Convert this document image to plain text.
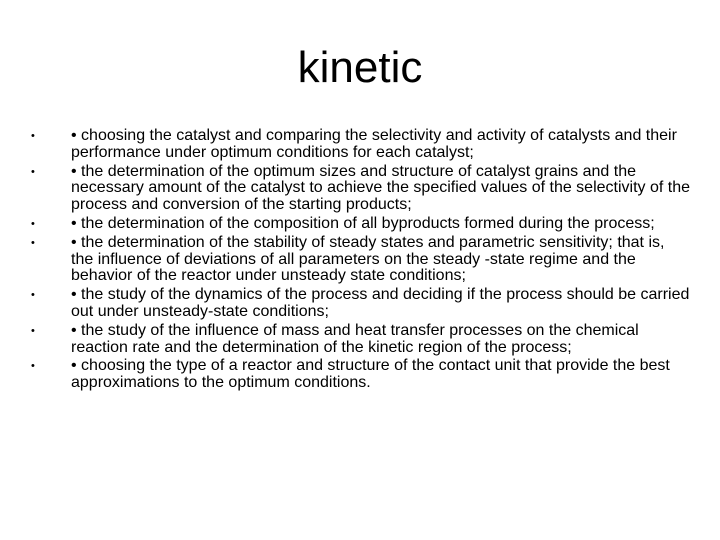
kinetic
•	• choosing the catalyst and comparing the selectivity and activity of catalysts and their performance under optimum conditions for each catalyst;
•	• the determination of the optimum sizes and structure of catalyst grains and the necessary amount of the catalyst to achieve the specified values of the selectivity of the process and conversion of the starting products;
•	• the determination of the composition of all byproducts formed during the process;
•	• the determination of the stability of steady states and parametric sensitivity; that is, the influence of deviations of all parameters on the steady -state regime and the behavior of the reactor under unsteady state conditions;
•	• the study of the dynamics of the process and deciding if the process should be carried out under unsteady-state conditions;
•	• the study of the influence of mass and heat transfer processes on the chemical reaction rate and the determination of the kinetic region of the process;
•	• choosing the type of a reactor and structure of the contact unit that provide the best approximations to the optimum conditions.
